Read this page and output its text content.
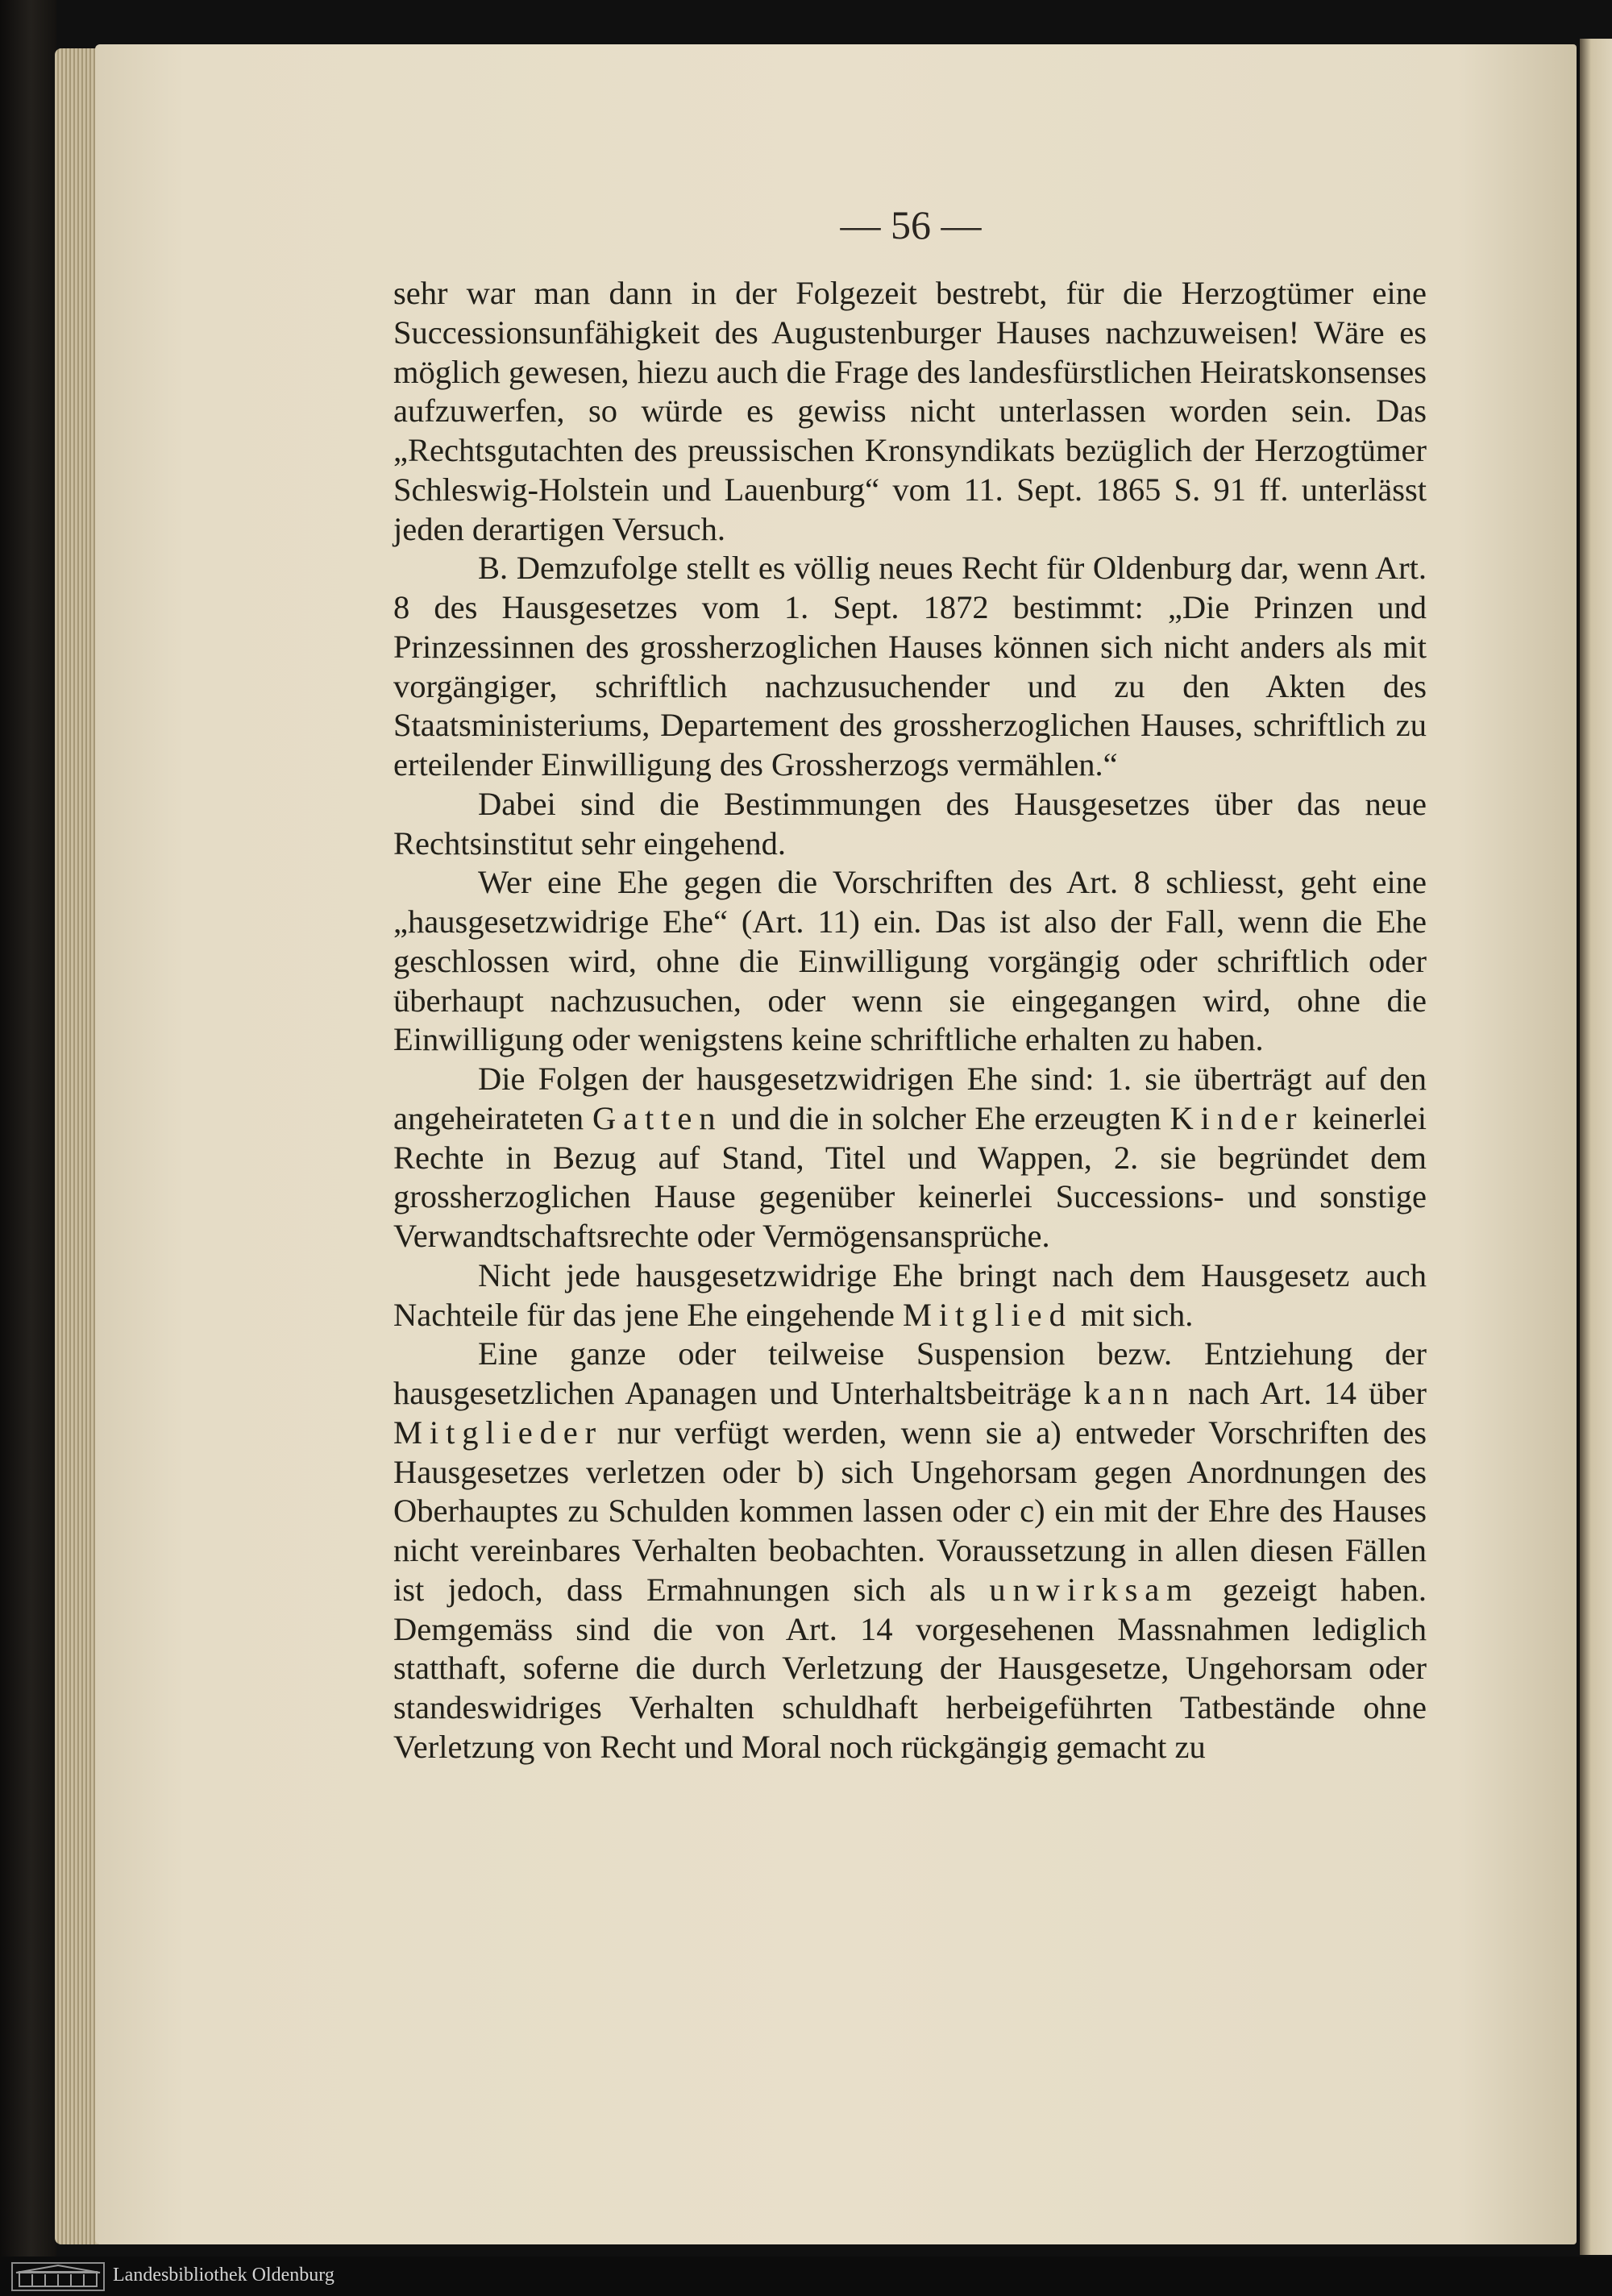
— 56 —

sehr war man dann in der Folgezeit bestrebt, für die Herzogtümer eine Successionsunfähigkeit des Augustenburger Hauses nachzuweisen! Wäre es möglich gewesen, hiezu auch die Frage des landesfürstlichen Heiratskonsenses aufzuwerfen, so würde es gewiss nicht unterlassen worden sein. Das „Rechtsgutachten des preussischen Kronsyndikats bezüglich der Herzogtümer Schleswig-Holstein und Lauenburg“ vom 11. Sept. 1865 S. 91 ff. unterlässt jeden derartigen Versuch.

B. Demzufolge stellt es völlig neues Recht für Oldenburg dar, wenn Art. 8 des Hausgesetzes vom 1. Sept. 1872 bestimmt: „Die Prinzen und Prinzessinnen des grossherzoglichen Hauses können sich nicht anders als mit vorgängiger, schriftlich nachzusuchender und zu den Akten des Staatsministeriums, Departement des grossherzoglichen Hauses, schriftlich zu erteilender Einwilligung des Grossherzogs vermählen.“

Dabei sind die Bestimmungen des Hausgesetzes über das neue Rechtsinstitut sehr eingehend.

Wer eine Ehe gegen die Vorschriften des Art. 8 schliesst, geht eine „hausgesetzwidrige Ehe“ (Art. 11) ein. Das ist also der Fall, wenn die Ehe geschlossen wird, ohne die Einwilligung vorgängig oder schriftlich oder überhaupt nachzusuchen, oder wenn sie eingegangen wird, ohne die Einwilligung oder wenigstens keine schriftliche erhalten zu haben.

Die Folgen der hausgesetzwidrigen Ehe sind: 1. sie überträgt auf den angeheirateten Gatten und die in solcher Ehe erzeugten Kinder keinerlei Rechte in Bezug auf Stand, Titel und Wappen, 2. sie begründet dem grossherzoglichen Hause gegenüber keinerlei Successions- und sonstige Verwandtschaftsrechte oder Vermögensansprüche.

Nicht jede hausgesetzwidrige Ehe bringt nach dem Hausgesetz auch Nachteile für das jene Ehe eingehende Mitglied mit sich.

Eine ganze oder teilweise Suspension bezw. Entziehung der hausgesetzlichen Apanagen und Unterhaltsbeiträge kann nach Art. 14 über Mitglieder nur verfügt werden, wenn sie a) entweder Vorschriften des Hausgesetzes verletzen oder b) sich Ungehorsam gegen Anordnungen des Oberhauptes zu Schulden kommen lassen oder c) ein mit der Ehre des Hauses nicht vereinbares Verhalten beobachten. Voraussetzung in allen diesen Fällen ist jedoch, dass Ermahnungen sich als unwirksam gezeigt haben. Demgemäss sind die von Art. 14 vorgesehenen Massnahmen lediglich statthaft, soferne die durch Verletzung der Hausgesetze, Ungehorsam oder standeswidriges Verhalten schuldhaft herbeigeführten Tatbestände ohne Verletzung von Recht und Moral noch rückgängig gemacht zu

Landesbibliothek Oldenburg
